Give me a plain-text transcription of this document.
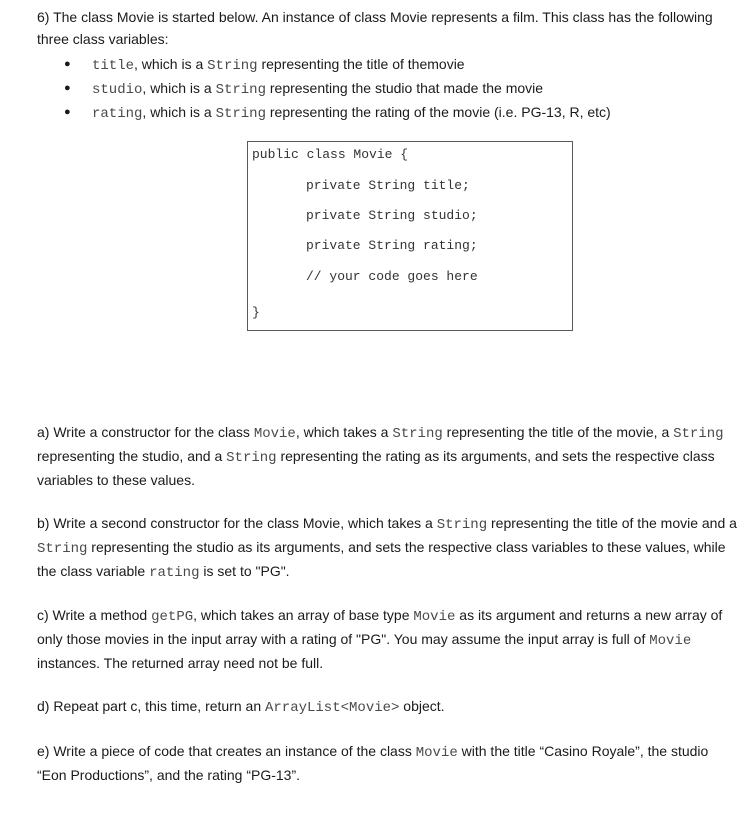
6) The class Movie is started below. An instance of class Movie represents a film. This class has the following three class variables:
● title, which is a String representing the title of themovie
● studio, which is a String representing the studio that made the movie
● rating, which is a String representing the rating of the movie (i.e. PG-13, R, etc)
public class Movie {
private String title;
private String studio;
private String rating;
// your code goes here
}
a) Write a constructor for the class Movie, which takes a String representing the title of the movie, a String representing the studio, and a String representing the rating as its arguments, and sets the respective class variables to these values.
b) Write a second constructor for the class Movie, which takes a String representing the title of the movie and a String representing the studio as its arguments, and sets the respective class variables to these values, while the class variable rating is set to "PG".
c) Write a method getPG, which takes an array of base type Movie as its argument and returns a new array of only those movies in the input array with a rating of "PG". You may assume the input array is full of Movie instances. The returned array need not be full.
d) Repeat part c, this time, return an ArrayList<Movie> object.
e) Write a piece of code that creates an instance of the class Movie with the title “Casino Royale”, the studio “Eon Productions”, and the rating “PG-13”.
